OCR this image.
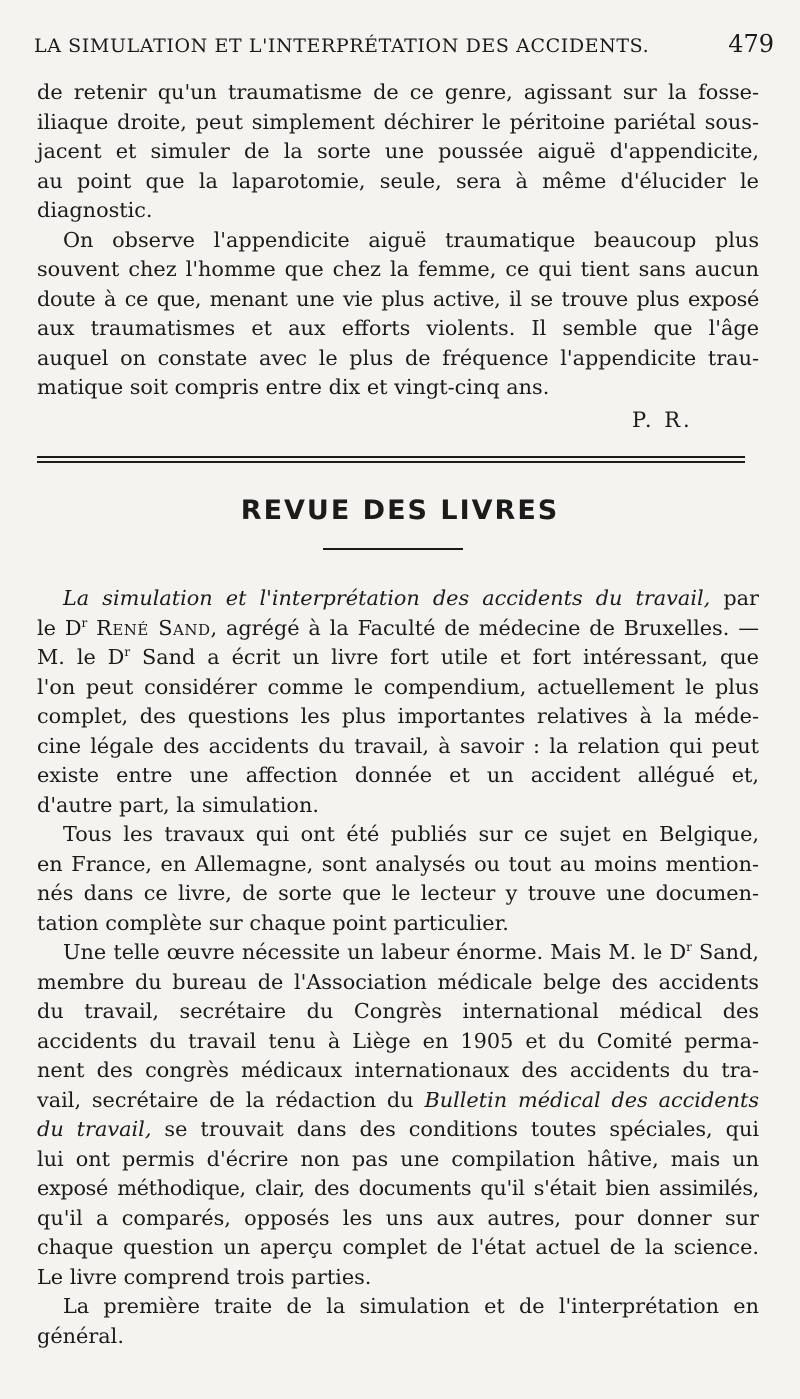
LA SIMULATION ET L'INTERPRÉTATION DES ACCIDENTS.	479
de retenir qu'un traumatisme de ce genre, agissant sur la fosse-
iliaque droite, peut simplement déchirer le péritoine pariétal sous-
jacent et simuler de la sorte une poussée aiguë d'appendicite,
au point que la laparotomie, seule, sera à même d'élucider le
diagnostic.
On observe l'appendicite aiguë traumatique beaucoup plus
souvent chez l'homme que chez la femme, ce qui tient sans aucun
doute à ce que, menant une vie plus active, il se trouve plus exposé
aux traumatismes et aux efforts violents. Il semble que l'âge
auquel on constate avec le plus de fréquence l'appendicite trau-
matique soit compris entre dix et vingt-cinq ans.
P. R.
REVUE DES LIVRES
La simulation et l'interprétation des accidents du travail, par
le $D^r$ René Sand, agrégé à la Faculté de médecine de Bruxelles. —
M. le $D^r$ Sand a écrit un livre fort utile et fort intéressant, que
l'on peut considérer comme le compendium, actuellement le plus
complet, des questions les plus importantes relatives à la méde-
cine légale des accidents du travail, à savoir : la relation qui peut
existe entre une affection donnée et un accident allégué et,
d'autre part, la simulation.
Tous les travaux qui ont été publiés sur ce sujet en Belgique,
en France, en Allemagne, sont analysés ou tout au moins mention-
nés dans ce livre, de sorte que le lecteur y trouve une documen-
tation complète sur chaque point particulier.
Une telle œuvre nécessite un labeur énorme. Mais M. le $D^r$ Sand,
membre du bureau de l'Association médicale belge des accidents
du travail, secrétaire du Congrès international médical des
accidents du travail tenu à Liège en 1905 et du Comité perma-
nent des congrès médicaux internationaux des accidents du tra-
vail, secrétaire de la rédaction du Bulletin médical des accidents
du travail, se trouvait dans des conditions toutes spéciales, qui
lui ont permis d'écrire non pas une compilation hâtive, mais un
exposé méthodique, clair, des documents qu'il s'était bien assimilés,
qu'il a comparés, opposés les uns aux autres, pour donner sur
chaque question un aperçu complet de l'état actuel de la science.
Le livre comprend trois parties.
La première traite de la simulation et de l'interprétation en
général.
